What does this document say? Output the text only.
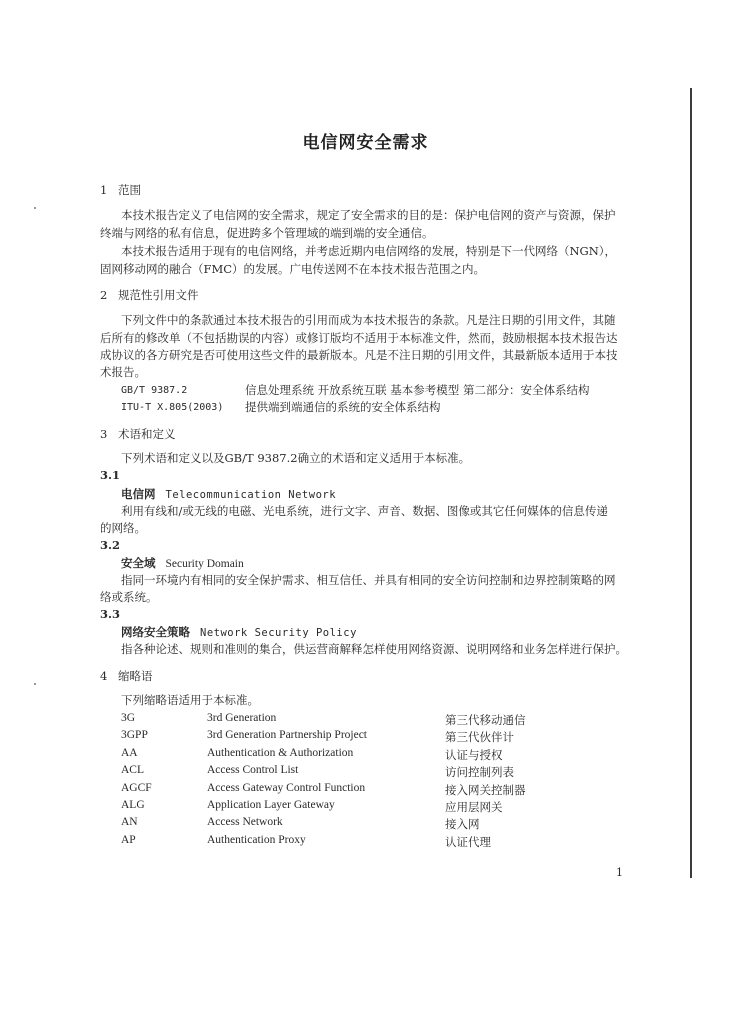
电信网安全需求
1 范围
本技术报告定义了电信网的安全需求，规定了安全需求的目的是：保护电信网的资产与资源，保护
终端与网络的私有信息，促进跨多个管理域的端到端的安全通信。
本技术报告适用于现有的电信网络，并考虑近期内电信网络的发展，特别是下一代网络（NGN），
固网移动网的融合（FMC）的发展。广电传送网不在本技术报告范围之内。
2 规范性引用文件
下列文件中的条款通过本技术报告的引用而成为本技术报告的条款。凡是注日期的引用文件，其随
后所有的修改单（不包括勘误的内容）或修订版均不适用于本标准文件，然而，鼓励根据本技术报告达
成协议的各方研究是否可使用这些文件的最新版本。凡是不注日期的引用文件，其最新版本适用于本技
术报告。
GB/T 9387.2	信息处理系统 开放系统互联 基本参考模型 第二部分：安全体系结构
ITU-T X.805(2003) 提供端到端通信的系统的安全体系结构
3 术语和定义
下列术语和定义以及GB/T 9387.2确立的术语和定义适用于本标准。
3.1
电信网 Telecommunication Network
利用有线和/或无线的电磁、光电系统，进行文字、声音、数据、图像或其它任何媒体的信息传递
的网络。
3.2
安全域 Security Domain
指同一环境内有相同的安全保护需求、相互信任、并具有相同的安全访问控制和边界控制策略的网
络或系统。
3.3
网络安全策略 Network Security Policy
指各种论述、规则和准则的集合，供运营商解释怎样使用网络资源、说明网络和业务怎样进行保护。
4 缩略语
下列缩略语适用于本标准。
3G	3rd Generation	第三代移动通信
3GPP	3rd Generation Partnership Project	第三代伙伴计
AA	Authentication & Authorization	认证与授权
ACL	Access Control List	访问控制列表
AGCF	Access Gateway Control Function	接入网关控制器
ALG	Application Layer Gateway	应用层网关
AN	Access Network	接入网
AP	Authentication Proxy	认证代理
1
